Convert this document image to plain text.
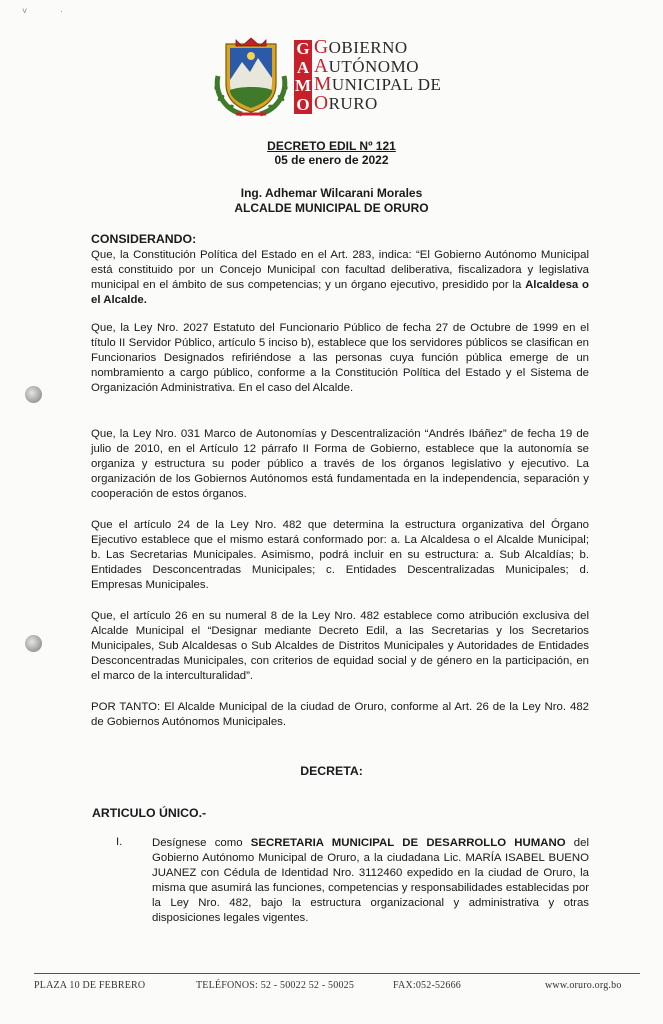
˅	·
G
A
M
O
GOBIERNO
AUTÓNOMO
MUNICIPAL DE
ORURO
DECRETO EDIL Nº 121
05 de enero de 2022
Ing. Adhemar Wilcarani Morales
ALCALDE MUNICIPAL DE ORURO
CONSIDERANDO:
Que, la Constitución Política del Estado en el Art. 283, indica: “El Gobierno Autónomo Municipal está constituido por un Concejo Municipal con facultad deliberativa, fiscalizadora y legislativa municipal en el ámbito de sus competencias; y un órgano ejecutivo, presidido por la Alcaldesa o el Alcalde.
Que, la Ley Nro. 2027 Estatuto del Funcionario Público de fecha 27 de Octubre de 1999 en el título II Servidor Público, artículo 5 inciso b), establece que los servidores públicos se clasifican en Funcionarios Designados refiriéndose a las personas cuya función pública emerge de un nombramiento a cargo público, conforme a la Constitución Política del Estado y el Sistema de Organización Administrativa. En el caso del Alcalde.
Que, la Ley Nro. 031 Marco de Autonomías y Descentralización “Andrés Ibáñez” de fecha 19 de julio de 2010, en el Artículo 12 párrafo II Forma de Gobierno, establece que la autonomía se organiza y estructura su poder público a través de los órganos legislativo y ejecutivo. La organización de los Gobiernos Autónomos está fundamentada en la independencia, separación y cooperación de estos órganos.
Que el artículo 24 de la Ley Nro. 482 que determina la estructura organizativa del Órgano Ejecutivo establece que el mismo estará conformado por: a. La Alcaldesa o el Alcalde Municipal; b. Las Secretarias Municipales. Asimismo, podrá incluir en su estructura: a. Sub Alcaldías; b. Entidades Desconcentradas Municipales; c. Entidades Descentralizadas Municipales; d. Empresas Municipales.
Que, el artículo 26 en su numeral 8 de la Ley Nro. 482 establece como atribución exclusiva del Alcalde Municipal el “Designar mediante Decreto Edil, a las Secretarias y los Secretarios Municipales, Sub Alcaldesas o Sub Alcaldes de Distritos Municipales y Autoridades de Entidades Desconcentradas Municipales, con criterios de equidad social y de género en la participación, en el marco de la interculturalidad”.
POR TANTO: El Alcalde Municipal de la ciudad de Oruro, conforme al Art. 26 de la Ley Nro. 482 de Gobiernos Autónomos Municipales.
DECRETA:
ARTICULO ÚNICO.-
I.	Desígnese como SECRETARIA MUNICIPAL DE DESARROLLO HUMANO del Gobierno Autónomo Municipal de Oruro, a la ciudadana Lic. MARÍA ISABEL BUENO JUANEZ con Cédula de Identidad Nro. 3112460 expedido en la ciudad de Oruro, la misma que asumirá las funciones, competencias y responsabilidades establecidas por la Ley Nro. 482, bajo la estructura organizacional y administrativa y otras disposiciones legales vigentes.
PLAZA 10 DE FEBRERO	TELÉFONOS: 52 - 50022 52 - 50025	FAX:052-52666	www.oruro.org.bo
